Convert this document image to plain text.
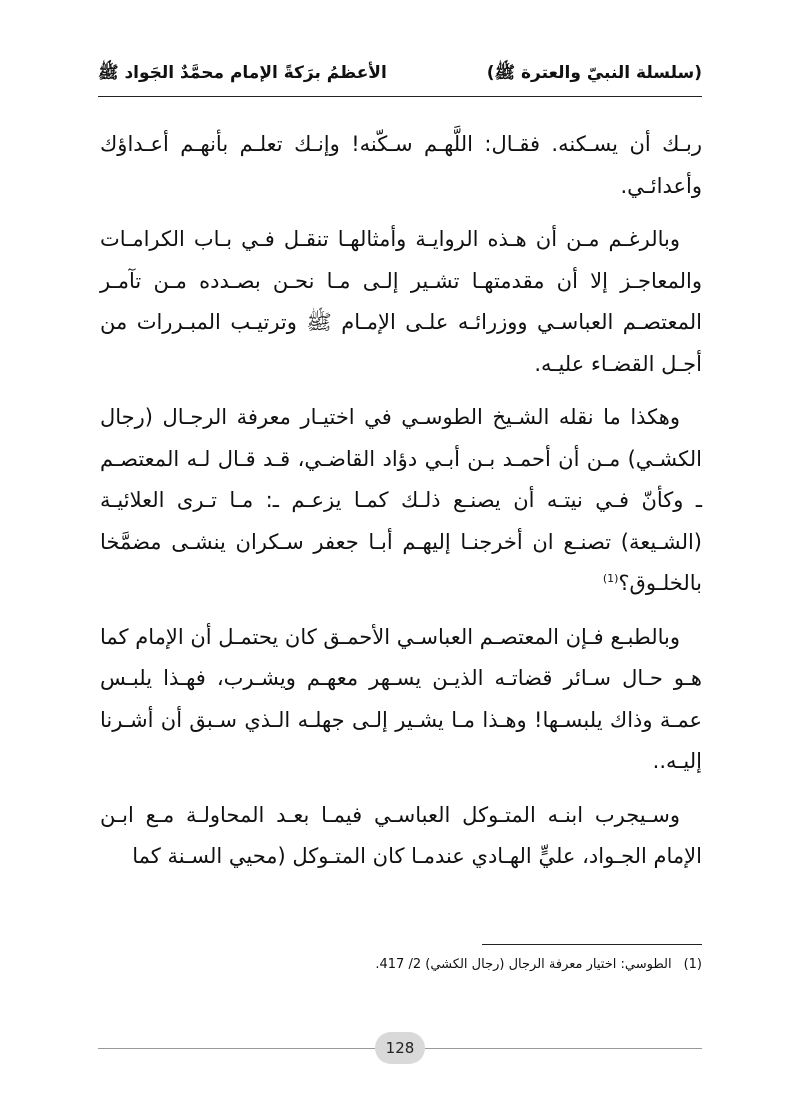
(سلسلة النبيّ والعترة ﷺ)
الأعظمُ برَكةً الإمام محمَّدٌ الجَواد ﷺ

ربـك أن يسـكنه. فقـال: اللَّهـم سـكّنه! وإنـك تعلـم بأنهـم أعـداؤك وأعدائـي.

وبالرغـم مـن أن هـذه الروايـة وأمثالهـا تنقـل فـي بـاب الكرامـات والمعاجـز إلا أن مقدمتهـا تشـير إلـى مـا نحـن بصـدده مـن تآمـر المعتصـم العباسـي ووزرائـه علـى الإمـام ﷺ وترتيـب المبـررات من أجـل القضـاء عليـه.

وهكذا ما نقله الشـيخ الطوسـي في اختيـار معرفة الرجـال (رجال الكشـي) مـن أن أحمـد بـن أبـي دؤاد القاضـي، قـد قـال لـه المعتصـم ـ وكأنّ فـي نيتـه أن يصنـع ذلـك كمـا يزعـم ـ: مـا تـرى العلائيـة (الشـيعة) تصنـع ان أخرجنـا إليهـم أبـا جعفر سـكران ينشـى مضمَّخا بالخلـوق؟$^{(1)}$

وبالطبـع فـإن المعتصـم العباسـي الأحمـق كان يحتمـل أن الإمام كما هـو حـال سـائر قضاتـه الذيـن يسـهر معهـم ويشـرب، فهـذا يلبـس عمـة وذاك يلبسـها! وهـذا مـا يشـير إلـى جهلـه الـذي سـبق أن أشـرنا إليـه..

وسـيجرب ابنـه المتـوكل العباسـي فيمـا بعـد المحاولـة مـع ابـن الإمام الجـواد، عليٍّ الهـادي عندمـا كان المتـوكل (محيي السـنة كما

(1)الطوسي: اختيار معرفة الرجال (رجال الكشي) 2/ 417.
128
